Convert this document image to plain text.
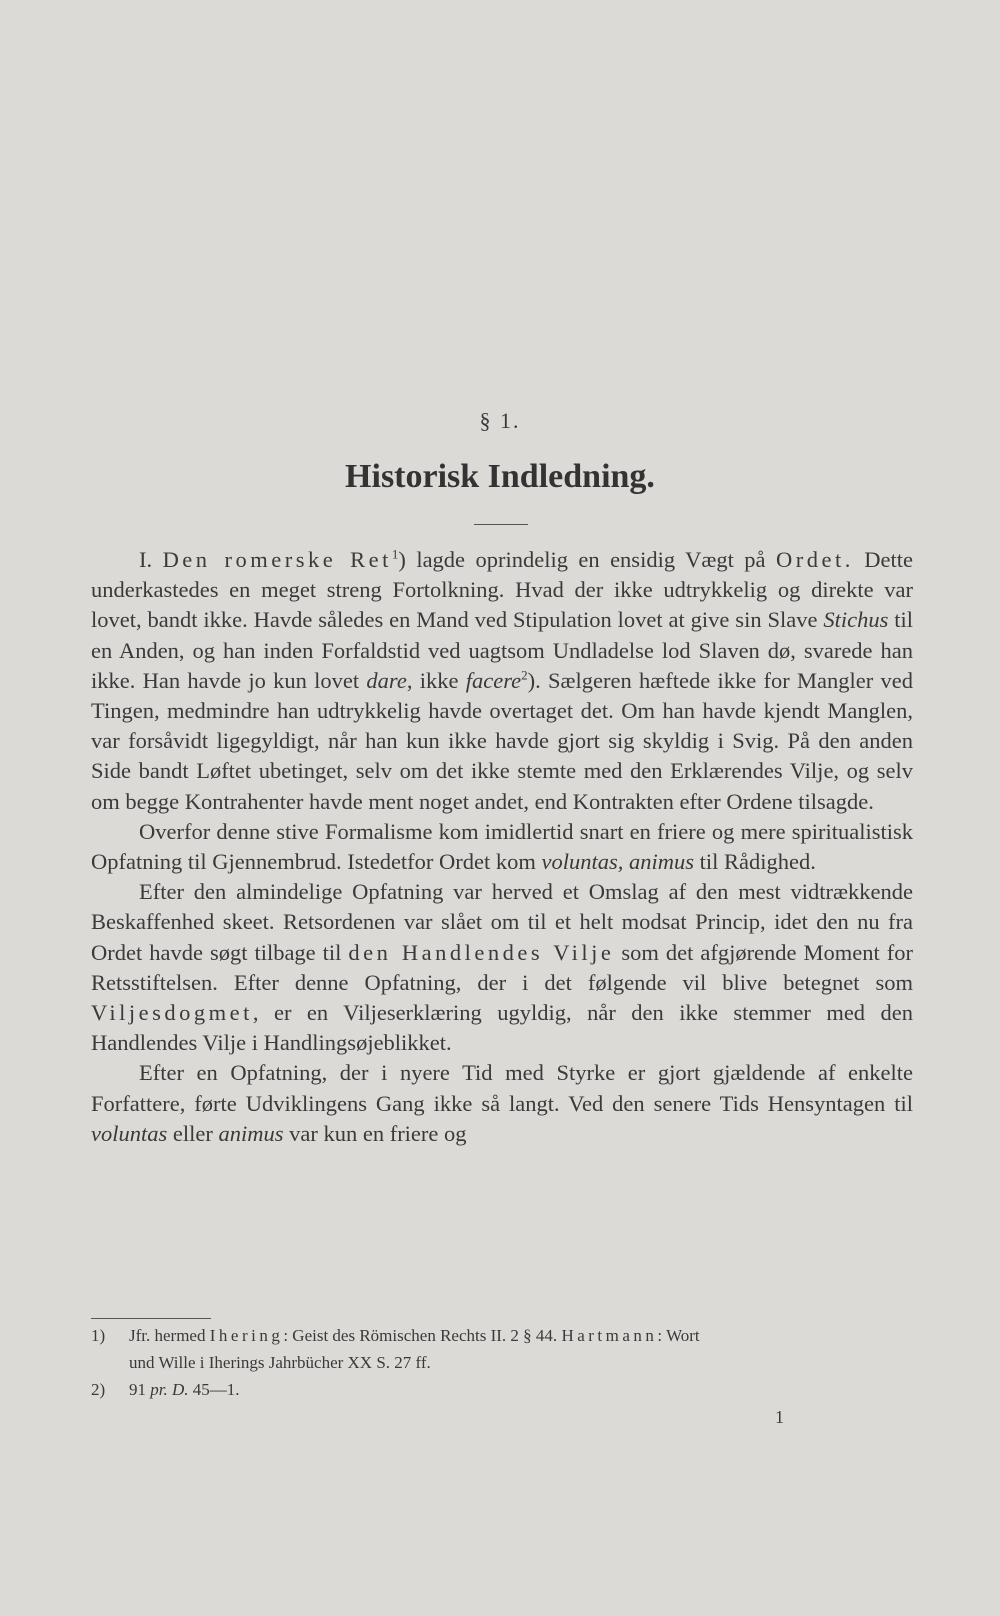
§ 1.
Historisk Indledning.

I. Den romerske Ret$^1$) lagde oprindelig en ensidig Vægt på Ordet. Dette underkastedes en meget streng Fortolkning. Hvad der ikke udtrykkelig og direkte var lovet, bandt ikke. Havde således en Mand ved Stipulation lovet at give sin Slave Stichus til en Anden, og han inden Forfaldstid ved uagtsom Undladelse lod Slaven dø, svarede han ikke. Han havde jo kun lovet dare, ikke facere$^2$). Sælgeren hæftede ikke for Mangler ved Tingen, medmindre han udtrykkelig havde overtaget det. Om han havde kjendt Manglen, var forsåvidt ligegyldigt, når han kun ikke havde gjort sig skyldig i Svig. På den anden Side bandt Løftet ubetinget, selv om det ikke stemte med den Erklærendes Vilje, og selv om begge Kontrahenter havde ment noget andet, end Kontrakten efter Ordene tilsagde.

Overfor denne stive Formalisme kom imidlertid snart en friere og mere spiritualistisk Opfatning til Gjennembrud. Istedetfor Ordet kom voluntas, animus til Rådighed.

Efter den almindelige Opfatning var herved et Omslag af den mest vidtrækkende Beskaffenhed skeet. Retsordenen var slået om til et helt modsat Princip, idet den nu fra Ordet havde søgt tilbage til den Handlendes Vilje som det afgjørende Moment for Retsstiftelsen. Efter denne Opfatning, der i det følgende vil blive betegnet som Viljesdogmet, er en Viljeserklæring ugyldig, når den ikke stemmer med den Handlendes Vilje i Handlingsøjeblikket.

Efter en Opfatning, der i nyere Tid med Styrke er gjort gjældende af enkelte Forfattere, førte Udviklingens Gang ikke så langt. Ved den senere Tids Hensyntagen til voluntas eller animus var kun en friere og

1)Jfr. hermed Ihering: Geist des Römischen Rechts II. 2 § 44. Hartmann: Wort

und Wille i Iherings Jahrbücher XX S. 27 ff.

2)91 pr. D. 45—1.

1
